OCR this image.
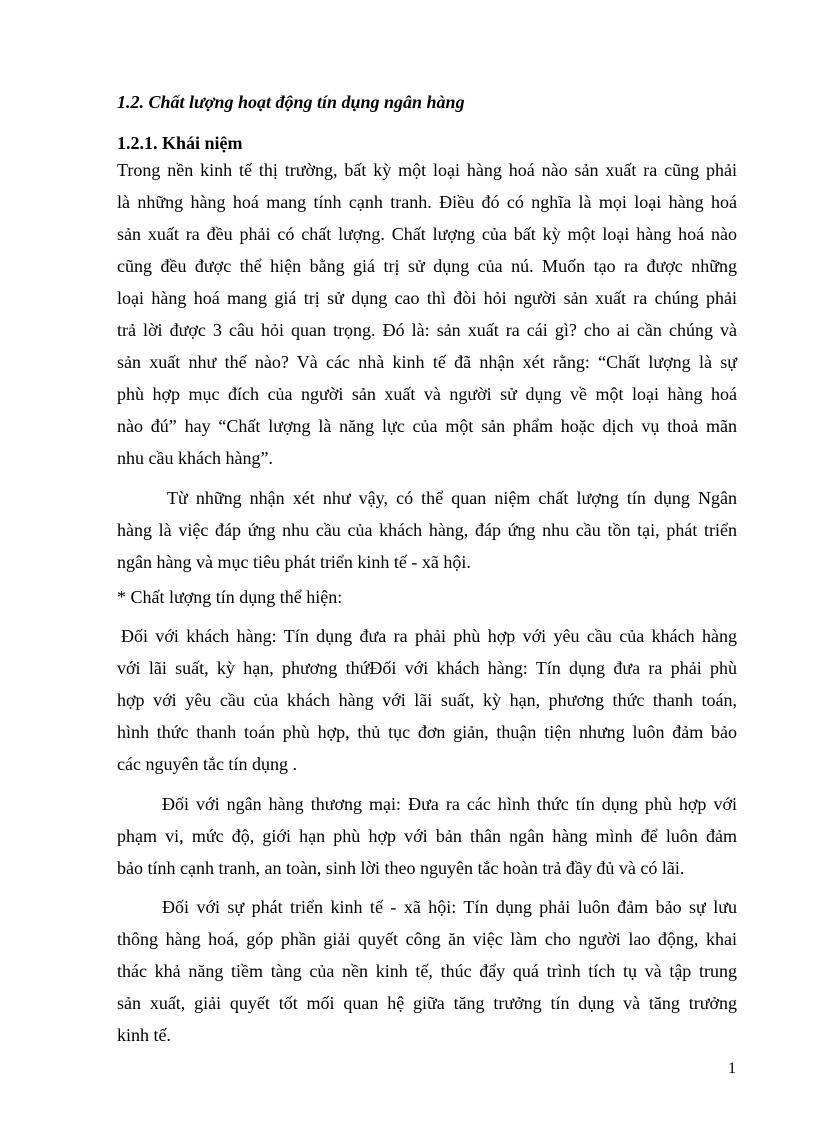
1.2. Chất lượng hoạt động tín dụng ngân hàng
1.2.1. Khái niệm
Trong nền kinh tế thị trường, bất kỳ một loại hàng hoá nào sản xuất ra cũng phải
là những hàng hoá mang tính cạnh tranh. Điều đó có nghĩa là mọi loại hàng hoá
sản xuất ra đều phải có chất lượng. Chất lượng của bất kỳ một loại hàng hoá nào
cũng đều được thể hiện bằng giá trị sử dụng của nú. Muốn tạo ra được những
loại hàng hoá mang giá trị sử dụng cao thì đòi hỏi người sản xuất ra chúng phải
trả lời được 3 câu hỏi quan trọng. Đó là: sản xuất ra cái gì? cho ai cần chúng và
sản xuất như thế nào? Và các nhà kinh tế đã nhận xét rằng: “Chất lượng là sự
phù hợp mục đích của người sản xuất và người sử dụng về một loại hàng hoá
nào đú” hay “Chất lượng là năng lực của một sản phẩm hoặc dịch vụ thoả mãn
nhu cầu khách hàng”.
Từ những nhận xét như vậy, có thể quan niệm chất lượng tín dụng Ngân
hàng là việc đáp ứng nhu cầu của khách hàng, đáp ứng nhu cầu tồn tại, phát triển
ngân hàng và mục tiêu phát triển kinh tế - xã hội.
* Chất lượng tín dụng thể hiện:
Đối với khách hàng: Tín dụng đưa ra phải phù hợp với yêu cầu của khách hàng
với lãi suất, kỳ hạn, phương thứĐối với khách hàng: Tín dụng đưa ra phải phù
hợp với yêu cầu của khách hàng với lãi suất, kỳ hạn, phương thức thanh toán,
hình thức thanh toán phù hợp, thủ tục đơn giản, thuận tiện nhưng luôn đảm bảo
các nguyên tắc tín dụng .
Đối với ngân hàng thương mại: Đưa ra các hình thức tín dụng phù hợp với
phạm vi, mức độ, giới hạn phù hợp với bản thân ngân hàng mình để luôn đảm
bảo tính cạnh tranh, an toàn, sinh lời theo nguyên tắc hoàn trả đầy đủ và có lãi.
Đối với sự phát triển kinh tế - xã hội: Tín dụng phải luôn đảm bảo sự lưu
thông hàng hoá, góp phần giải quyết công ăn việc làm cho người lao động, khai
thác khả năng tiềm tàng của nền kinh tế, thúc đẩy quá trình tích tụ và tập trung
sản xuất, giải quyết tốt mối quan hệ giữa tăng trưởng tín dụng và tăng trưởng
kinh tế.
1
